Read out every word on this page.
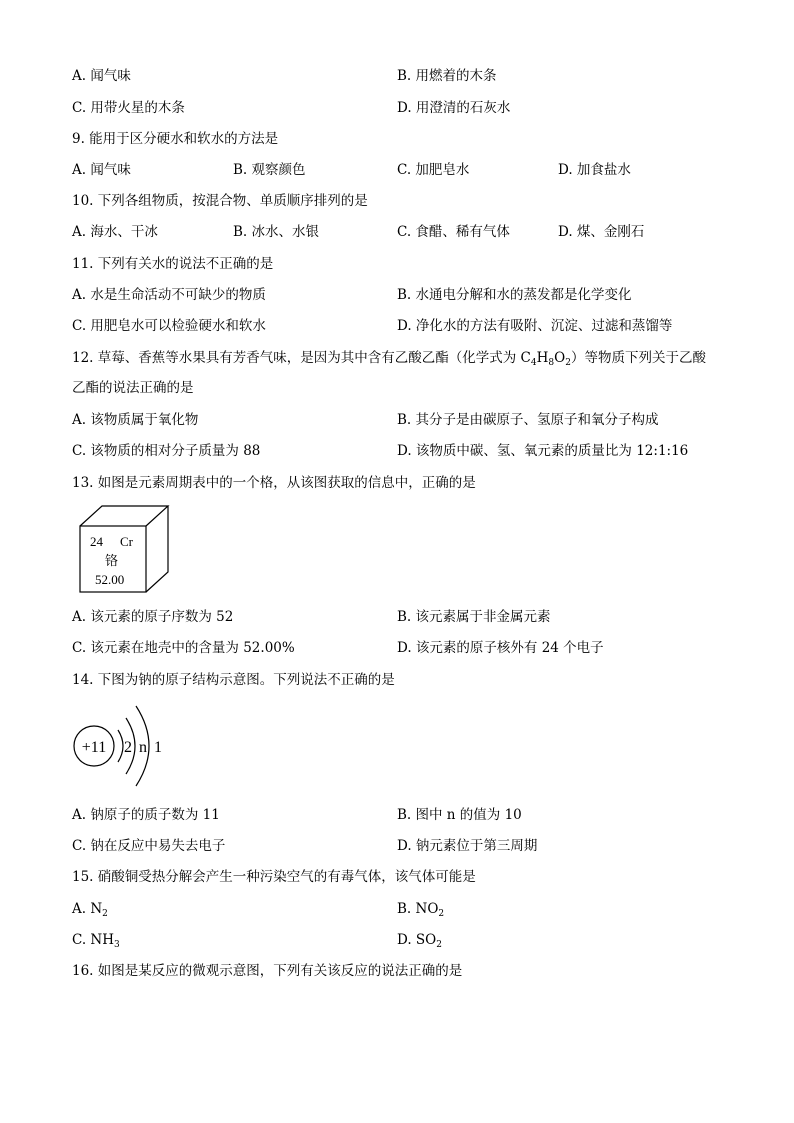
A. 闻气味	B. 用燃着的木条
C. 用带火星的木条	D. 用澄清的石灰水
9. 能用于区分硬水和软水的方法是
A. 闻气味	B. 观察颜色	C. 加肥皂水	D. 加食盐水
10. 下列各组物质，按混合物、单质顺序排列的是
A. 海水、干冰	B. 冰水、水银	C. 食醋、稀有气体	D. 煤、金刚石
11. 下列有关水的说法不正确的是
A. 水是生命活动不可缺少的物质	B. 水通电分解和水的蒸发都是化学变化
C. 用肥皂水可以检验硬水和软水	D. 净化水的方法有吸附、沉淀、过滤和蒸馏等
12. 草莓、香蕉等水果具有芳香气味，是因为其中含有乙酸乙酯（化学式为 $C_4H_8O_2$）等物质下列关于乙酸
乙酯的说法正确的是
A. 该物质属于氧化物	B. 其分子是由碳原子、氢原子和氧分子构成
C. 该物质的相对分子质量为 88	D. 该物质中碳、氢、氧元素的质量比为 12:1:16
13. 如图是元素周期表中的一个格，从该图获取的信息中，正确的是
24 Cr
铬
52.00
A. 该元素的原子序数为 52	B. 该元素属于非金属元素
C. 该元素在地壳中的含量为 52.00%	D. 该元素的原子核外有 24 个电子
14. 下图为钠的原子结构示意图。下列说法不正确的是
+11 2 n 1
A. 钠原子的质子数为 11	B. 图中 n 的值为 10
C. 钠在反应中易失去电子	D. 钠元素位于第三周期
15. 硝酸铜受热分解会产生一种污染空气的有毒气体，该气体可能是
A. $N_2$	B. $NO_2$
C. $NH_3$	D. $SO_2$
16. 如图是某反应的微观示意图，下列有关该反应的说法正确的是
